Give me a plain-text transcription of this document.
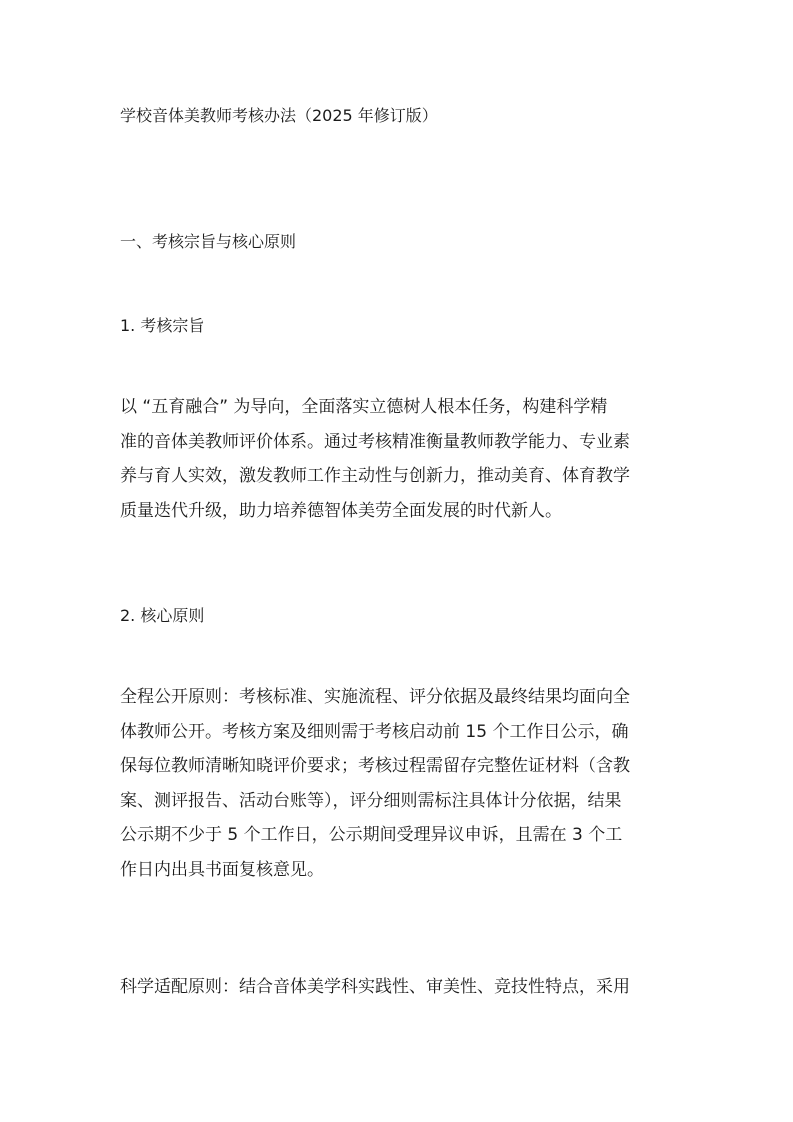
学校音体美教师考核办法（2025 年修订版）

一、考核宗旨与核心原则

1. 考核宗旨

以 “五育融合” 为导向，全面落实立德树人根本任务，构建科学精
准的音体美教师评价体系。通过考核精准衡量教师教学能力、专业素
养与育人实效，激发教师工作主动性与创新力，推动美育、体育教学
质量迭代升级，助力培养德智体美劳全面发展的时代新人。

2. 核心原则

全程公开原则：考核标准、实施流程、评分依据及最终结果均面向全
体教师公开。考核方案及细则需于考核启动前 15 个工作日公示，确
保每位教师清晰知晓评价要求；考核过程需留存完整佐证材料（含教
案、测评报告、活动台账等），评分细则需标注具体计分依据，结果
公示期不少于 5 个工作日，公示期间受理异议申诉，且需在 3 个工
作日内出具书面复核意见。

科学适配原则：结合音体美学科实践性、审美性、竞技性特点，采用
